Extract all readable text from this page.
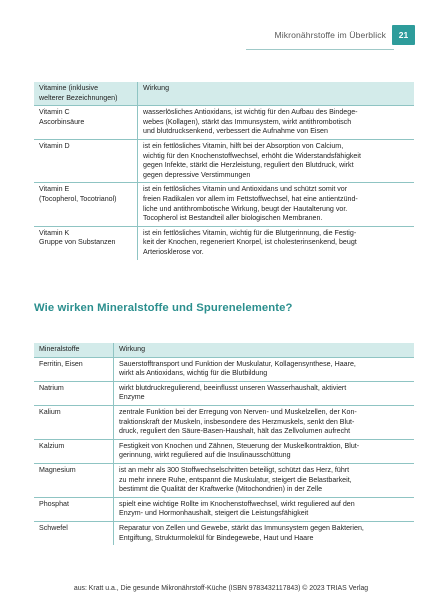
Mikronährstoffe im Überblick	21
Vitamine (inklusive
welterer Bezeichnungen)	Wirkung

Vitamin C
Ascorbinsäure	wasserlösliches Antioxidans, ist wichtig für den Aufbau des Bindege-
webes (Kollagen), stärkt das Immunsystem, wirkt antithrombotisch
und blutdrucksenkend, verbessert die Aufnahme von Eisen

Vitamin D	ist ein fettlösliches Vitamin, hilft bei der Absorption von Calcium,
wichtig für den Knochenstoffwechsel, erhöht die Widerstandsfähigkeit
gegen Infekte, stärkt die Herzleistung, reguliert den Blutdruck, wirkt
gegen depressive Verstimmungen

Vitamin E
(Tocopherol, Tocotrianol)	ist ein fettlösliches Vitamin und Antioxidans und schützt somit vor
freien Radikalen vor allem im Fettstoffwechsel, hat eine antientzünd-
liche und antithrombotische Wirkung, beugt der Hautalterung vor.
Tocopherol ist Bestandteil aller biologischen Membranen.

Vitamin K
Gruppe von Substanzen	ist ein fettlösliches Vitamin, wichtig für die Blutgerinnung, die Festig-
keit der Knochen, regeneriert Knorpel, ist cholesterinsenkend, beugt
Arteriosklerose vor.
Wie wirken Mineralstoffe und Spurenelemente?
Mineralstoffe	Wirkung
Ferritin, Eisen	Sauerstofftransport und Funktion der Muskulatur, Kollagensynthese, Haare,
wirkt als Antioxidans, wichtig für die Blutbildung

Natrium	wirkt blutdruckregulierend, beeinflusst unseren Wasserhaushalt, aktiviert
Enzyme

Kalium	zentrale Funktion bei der Erregung von Nerven- und Muskelzellen, der Kon-
traktionskraft der Muskeln, insbesondere des Herzmuskels, senkt den Blut-
druck, reguliert den Säure-Basen-Haushalt, hält das Zellvolumen aufrecht

Kalzium	Festigkeit von Knochen und Zähnen, Steuerung der Muskelkontraktion, Blut-
gerinnung, wirkt reguliered auf die Insulinausschüttung

Magnesium	ist an mehr als 300 Stoffwechselschritten beteiligt, schützt das Herz, führt
zu mehr innere Ruhe, entspannt die Muskulatur, steigert die Belastbarkeit,
bestimmt die Qualität der Kraftwerke (Mitochondrien) in der Zelle

Phosphat	spielt eine wichtige Rollte im Knochenstoffwechsel, wirkt reguliered auf den
Enzym- und Hormonhaushalt, steigert die Leistungsfähigkeit

Schwefel	Reparatur von Zellen und Gewebe, stärkt das Immunsystem gegen Bakterien,
Entgiftung, Strukturmolekül für Bindegewebe, Haut und Haare
aus: Kratt u.a., Die gesunde Mikronährstoff-Küche (ISBN 9783432117843) © 2023 TRIAS Verlag
